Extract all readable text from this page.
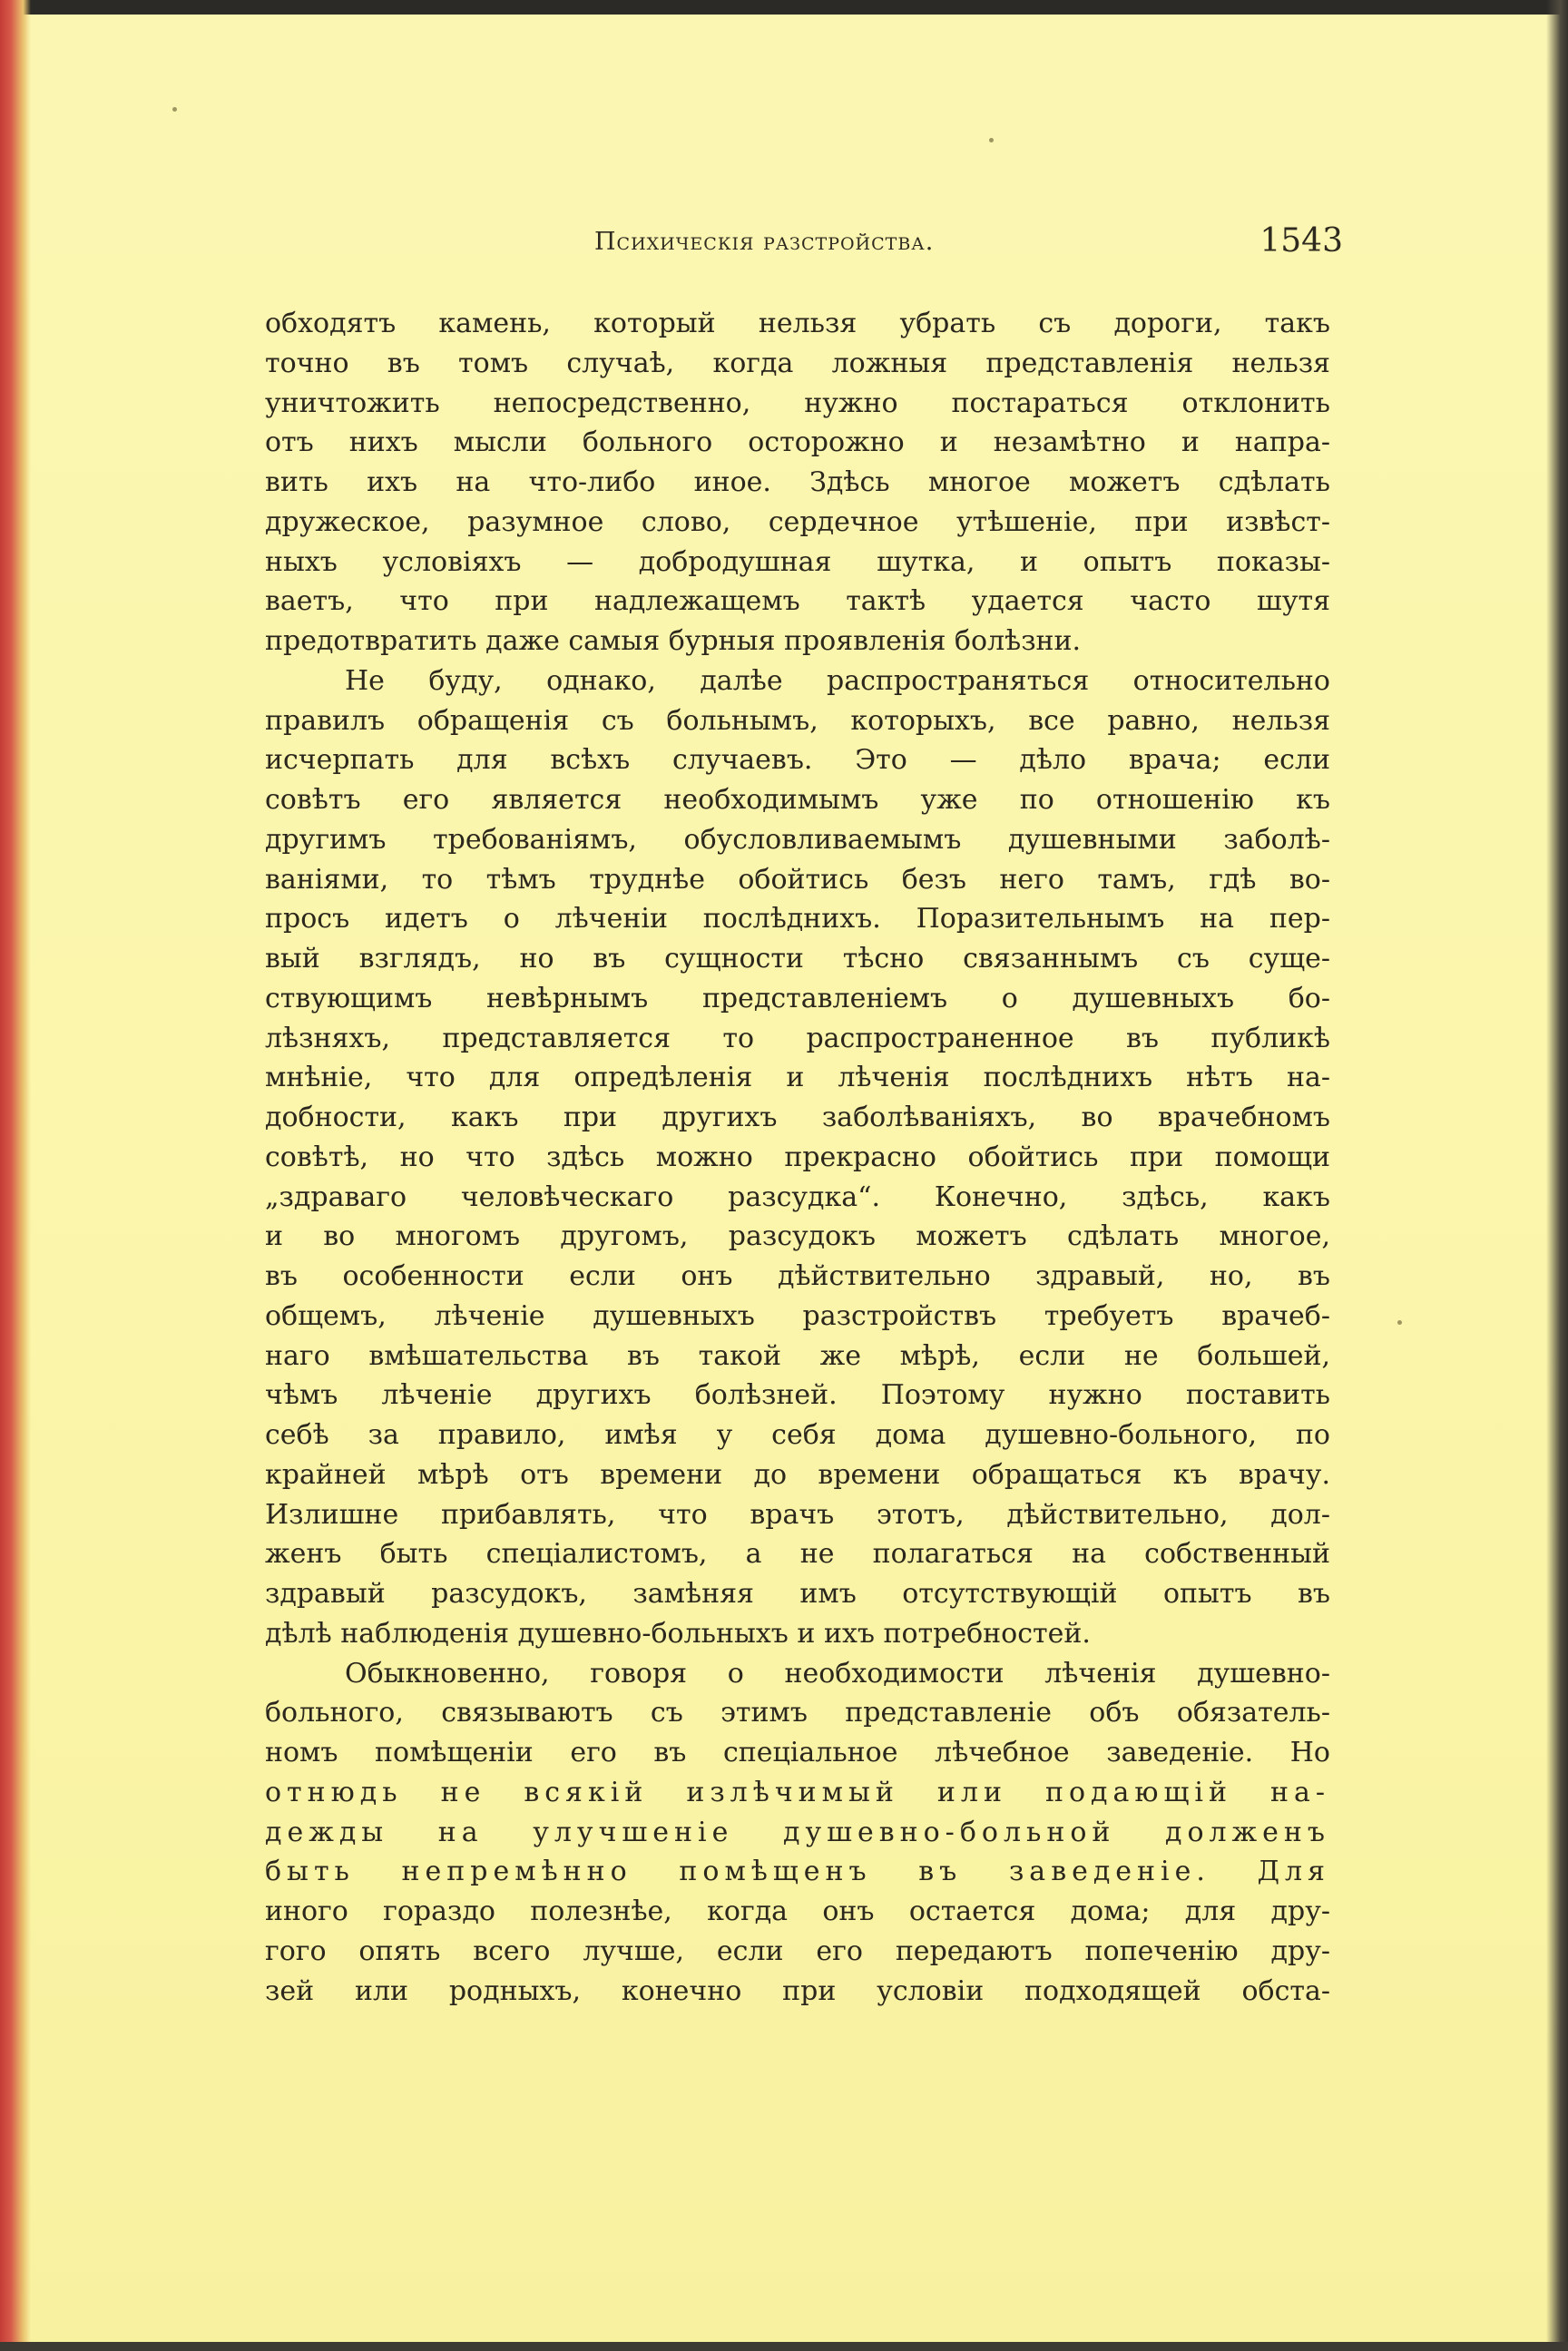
Психическія разстройства.	1543
обходятъ камень, который нельзя убрать съ дороги, такъ
точно въ томъ случаѣ, когда ложныя представленія нельзя
уничтожить непосредственно, нужно постараться отклонить
отъ нихъ мысли больного осторожно и незамѣтно и напра-
вить ихъ на что-либо иное. Здѣсь многое можетъ сдѣлать
дружеское, разумное слово, сердечное утѣшеніе, при извѣст-
ныхъ условіяхъ — добродушная шутка, и опытъ показы-
ваетъ, что при надлежащемъ тактѣ удается часто шутя
предотвратить даже самыя бурныя проявленія болѣзни.
Не буду, однако, далѣе распространяться относительно
правилъ обращенія съ больнымъ, которыхъ, все равно, нельзя
исчерпать для всѣхъ случаевъ. Это — дѣло врача; если
совѣтъ его является необходимымъ уже по отношенію къ
другимъ требованіямъ, обусловливаемымъ душевными заболѣ-
ваніями, то тѣмъ труднѣе обойтись безъ него тамъ, гдѣ во-
просъ идетъ о лѣченіи послѣднихъ. Поразительнымъ на пер-
вый взглядъ, но въ сущности тѣсно связаннымъ съ суще-
ствующимъ невѣрнымъ представленіемъ о душевныхъ бо-
лѣзняхъ, представляется то распространенное въ публикѣ
мнѣніе, что для опредѣленія и лѣченія послѣднихъ нѣтъ на-
добности, какъ при другихъ заболѣваніяхъ, во врачебномъ
совѣтѣ, но что здѣсь можно прекрасно обойтись при помощи
„здраваго человѣческаго разсудка“. Конечно, здѣсь, какъ
и во многомъ другомъ, разсудокъ можетъ сдѣлать многое,
въ особенности если онъ дѣйствительно здравый, но, въ
общемъ, лѣченіе душевныхъ разстройствъ требуетъ врачеб-
наго вмѣшательства въ такой же мѣрѣ, если не большей,
чѣмъ лѣченіе другихъ болѣзней. Поэтому нужно поставить
себѣ за правило, имѣя у себя дома душевно-больного, по
крайней мѣрѣ отъ времени до времени обращаться къ врачу.
Излишне прибавлять, что врачъ этотъ, дѣйствительно, дол-
женъ быть спеціалистомъ, а не полагаться на собственный
здравый разсудокъ, замѣняя имъ отсутствующій опытъ въ
дѣлѣ наблюденія душевно-больныхъ и ихъ потребностей.
Обыкновенно, говоря о необходимости лѣченія душевно-
больного, связываютъ съ этимъ представленіе объ обязатель-
номъ помѣщеніи его въ спеціальное лѣчебное заведеніе. Но
отнюдь не всякій излѣчимый или подающій на-
дежды на улучшеніе душевно-больной долженъ
быть непремѣнно помѣщенъ въ заведеніе. Для
иного гораздо полезнѣе, когда онъ остается дома; для дру-
гого опять всего лучше, если его передаютъ попеченію дру-
зей или родныхъ, конечно при условіи подходящей обста-
